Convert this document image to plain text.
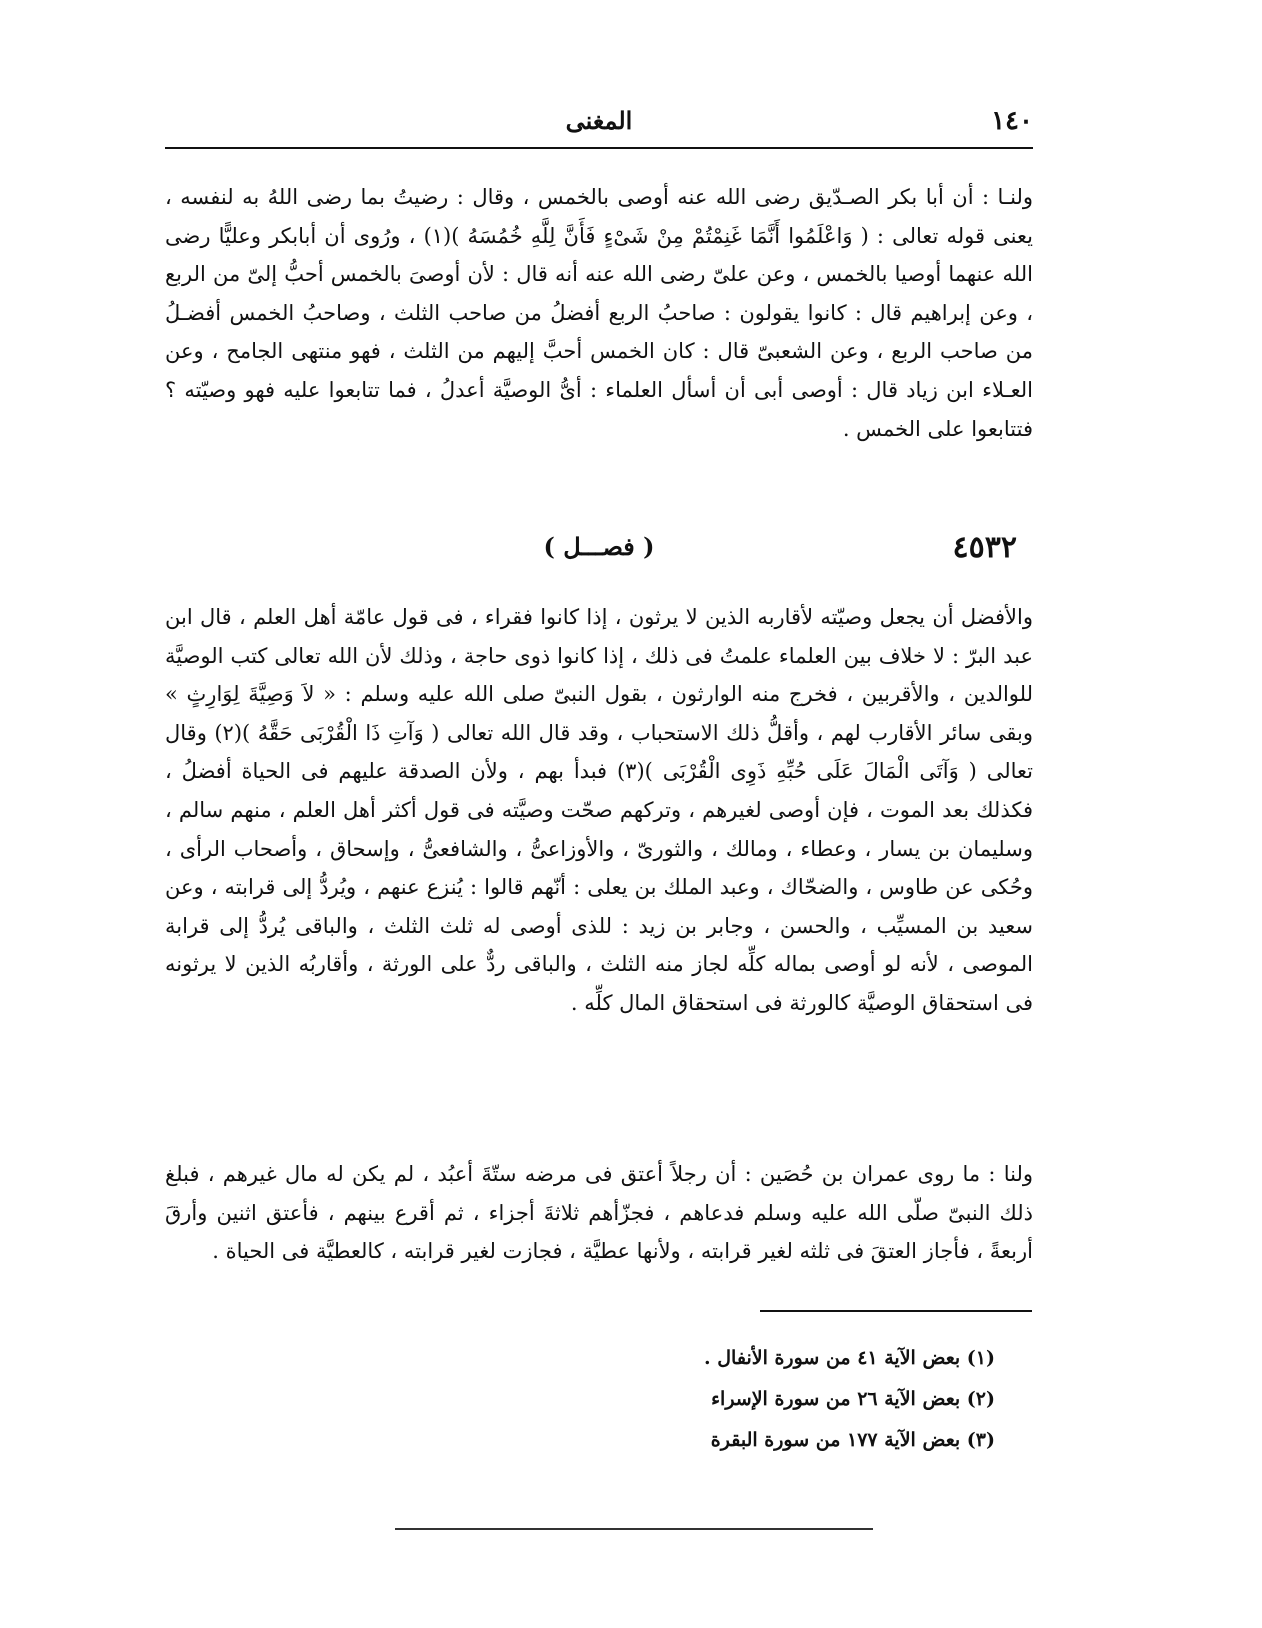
١٤٠
المغنى

ولنـا : أن أبا بكر الصـدّيق رضى الله عنه أوصى بالخمس ، وقال : رضيتُ بما رضى اللهُ به لنفسه ، يعنى قوله تعالى : ( وَاعْلَمُوا أَنَّمَا غَنِمْتُمْ مِنْ شَىْءٍ فَأَنَّ لِلَّهِ خُمُسَهُ )(١) ، ورُوى أن أبابكر وعليًّا رضى الله عنهما أوصيا بالخمس ، وعن علىّ رضى الله عنه أنه قال : لأن أوصىَ بالخمس أحبُّ إلىّ من الربع ، وعن إبراهيم قال : كانوا يقولون : صاحبُ الربع أفضلُ من صاحب الثلث ، وصاحبُ الخمس أفضـلُ من صاحب الربع ، وعن الشعبىّ قال : كان الخمس أحبَّ إليهم من الثلث ، فهو منتهى الجامح ، وعن العـلاء ابن زياد قال : أوصى أبى أن أسأل العلماء : أىُّ الوصيَّة أعدلُ ، فما تتابعوا عليه فهو وصيّته ؟ فتتابعوا على الخمس .

٤٥٣٢
( فصـــل )

والأفضل أن يجعل وصيّته لأقاربه الذين لا يرثون ، إذا كانوا فقراء ، فى قول عامّة أهل العلم ، قال ابن عبد البرّ : لا خلاف بين العلماء علمتُ فى ذلك ، إذا كانوا ذوى حاجة ، وذلك لأن الله تعالى كتب الوصيَّة للوالدين ، والأقربين ، فخرج منه الوارثون ، بقول النبىّ صلى الله عليه وسلم : « لاَ وَصِيَّةَ لِوَارِثٍ » وبقى سائر الأقارب لهم ، وأقلُّ ذلك الاستحباب ، وقد قال الله تعالى ( وَآتِ ذَا الْقُرْبَى حَقَّهُ )(٢) وقال تعالى ( وَآتَى الْمَالَ عَلَى حُبِّهِ ذَوِى الْقُرْبَى )(٣) فبدأ بهم ، ولأن الصدقة عليهم فى الحياة أفضلُ ، فكذلك بعد الموت ، فإن أوصى لغيرهم ، وتركهم صحّت وصيَّته فى قول أكثر أهل العلم ، منهم سالم ، وسليمان بن يسار ، وعطاء ، ومالك ، والثورىّ ، والأوزاعىُّ ، والشافعىُّ ، وإسحاق ، وأصحاب الرأى ، وحُكى عن طاوس ، والضحّاك ، وعبد الملك بن يعلى : أنّهم قالوا : يُنزع عنهم ، ويُردُّ إلى قرابته ، وعن سعيد بن المسيِّب ، والحسن ، وجابر بن زيد : للذى أوصى له ثلث الثلث ، والباقى يُردُّ إلى قرابة الموصى ، لأنه لو أوصى بماله كلِّه لجاز منه الثلث ، والباقى ردٌّ على الورثة ، وأقاربُه الذين لا يرثونه فى استحقاق الوصيَّة كالورثة فى استحقاق المال كلِّه .

ولنا : ما روى عمران بن حُصَين : أن رجلاً أعتق فى مرضه ستّةَ أعبُد ، لم يكن له مال غيرهم ، فبلغ ذلك النبىّ صلّى الله عليه وسلم فدعاهم ، فجزّأهم ثلاثةَ أجزاء ، ثم أقرع بينهم ، فأعتق اثنين وأرقَ أربعةً ، فأجاز العتقَ فى ثلثه لغير قرابته ، ولأنها عطيَّة ، فجازت لغير قرابته ، كالعطيَّة فى الحياة .

(١) بعض الآية ٤١ من سورة الأنفال .
(٢) بعض الآية ٢٦ من سورة الإسراء
(٣) بعض الآية ١٧٧ من سورة البقرة
